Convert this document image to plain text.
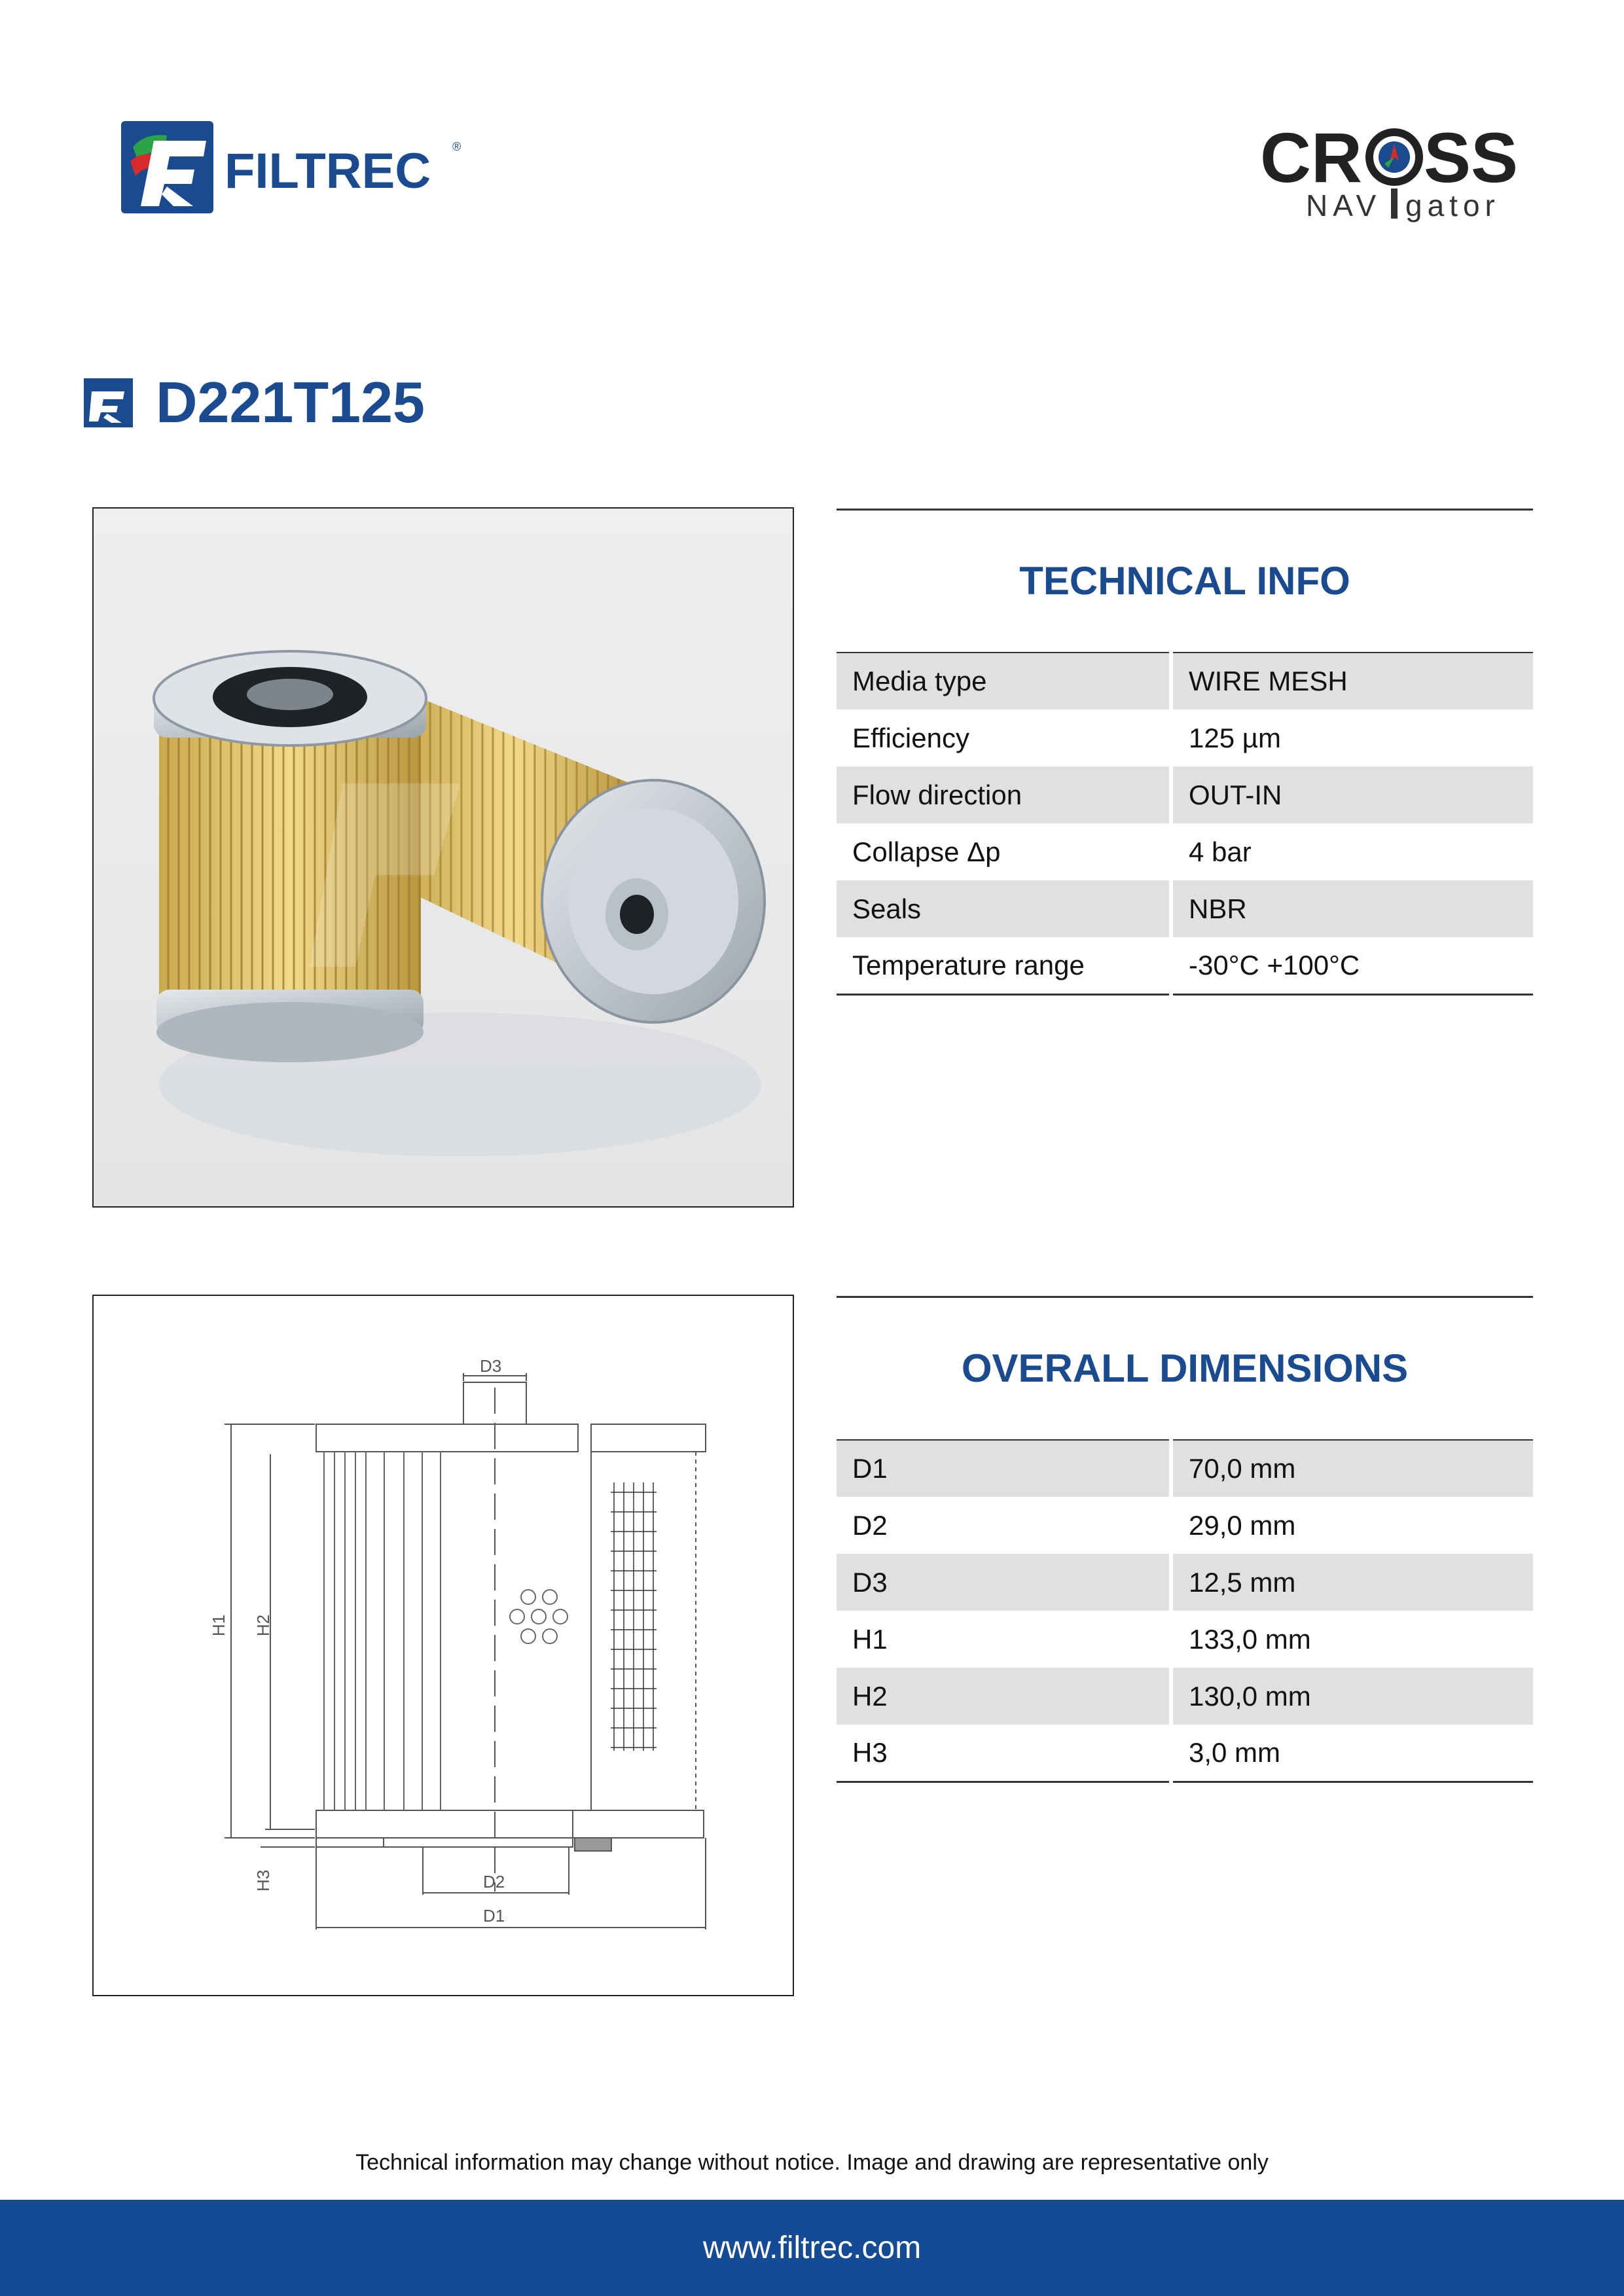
FILTREC ®	CR SS
NAV gator
D221T125
TECHNICAL INFO
Media type	WIRE MESH
Efficiency	125 µm
Flow direction	OUT-IN
Collapse Δp	4 bar
Seals	NBR
Temperature range	-30°C +100°C
D3
H1 H2
H3	D2
D1
OVERALL DIMENSIONS
D1	70,0 mm
D2	29,0 mm
D3	12,5 mm
H1	133,0 mm
H2	130,0 mm
H3	3,0 mm
Technical information may change without notice. Image and drawing are representative only
www.filtrec.com
